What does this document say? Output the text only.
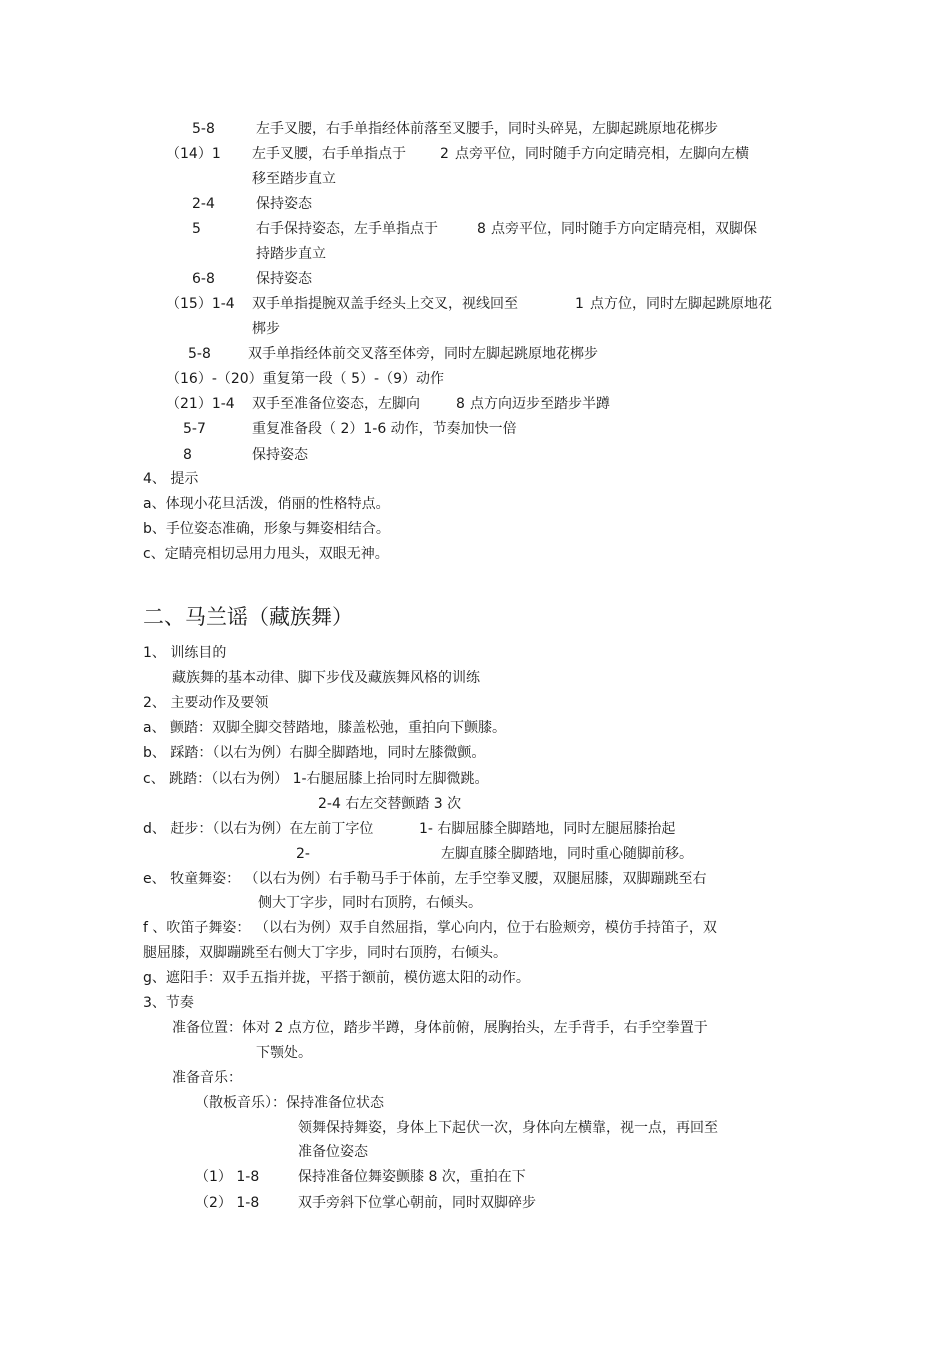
5-8	左手叉腰，右手单指经体前落至叉腰手，同时头碎晃，左脚起跳原地花梆步
（14）1 左手叉腰，右手单指点于 2 点旁平位，同时随手方向定睛亮相，左脚向左横
移至踏步直立
2-4	保持姿态
5	右手保持姿态，左手单指点于	8 点旁平位，同时随手方向定睛亮相，双脚保
持踏步直立
6-8	保持姿态
（15）1-4 双手单指提腕双盖手经头上交叉，视线回至	1 点方位，同时左脚起跳原地花
梆步
5-8	双手单指经体前交叉落至体旁，同时左脚起跳原地花梆步
（16）-（20）重复第一段（ 5）-（9）动作
（21）1-4 双手至准备位姿态，左脚向	8 点方向迈步至踏步半蹲
5-7	重复准备段（ 2）1-6 动作，节奏加快一倍
8	保持姿态
4、 提示
a、体现小花旦活泼，俏丽的性格特点。
b、手位姿态准确，形象与舞姿相结合。
c、定睛亮相切忌用力甩头，双眼无神。
二、马兰谣（藏族舞）
1、 训练目的
藏族舞的基本动律、脚下步伐及藏族舞风格的训练
2、 主要动作及要领
a、 颤踏：双脚全脚交替踏地，膝盖松弛，重拍向下颤膝。
b、 踩踏：（以右为例）右脚全脚踏地，同时左膝微颤。
c、 跳踏：（以右为例） 1-右腿屈膝上抬同时左脚微跳。
2-4 右左交替颤踏 3 次
d、 赶步：（以右为例）在左前丁字位	1- 右脚屈膝全脚踏地，同时左腿屈膝抬起
2-	左脚直膝全脚踏地，同时重心随脚前移。
e、 牧童舞姿： （以右为例）右手勒马手于体前，左手空拳叉腰，双腿屈膝，双脚蹦跳至右
侧大丁字步，同时右顶胯，右倾头。
f 、吹笛子舞姿： （以右为例）双手自然屈指，掌心向内，位于右脸颊旁，模仿手持笛子，双
腿屈膝，双脚蹦跳至右侧大丁字步，同时右顶胯，右倾头。
g、遮阳手：双手五指并拢，平搭于额前，模仿遮太阳的动作。
3、节奏
准备位置：体对 2 点方位，踏步半蹲，身体前俯，展胸抬头，左手背手，右手空拳置于
下颚处。
准备音乐：
（散板音乐）：保持准备位状态
领舞保持舞姿，身体上下起伏一次，身体向左横靠，视一点，再回至
准备位姿态
（1） 1-8	保持准备位舞姿颤膝 8 次，重拍在下
（2） 1-8	双手旁斜下位掌心朝前，同时双脚碎步
